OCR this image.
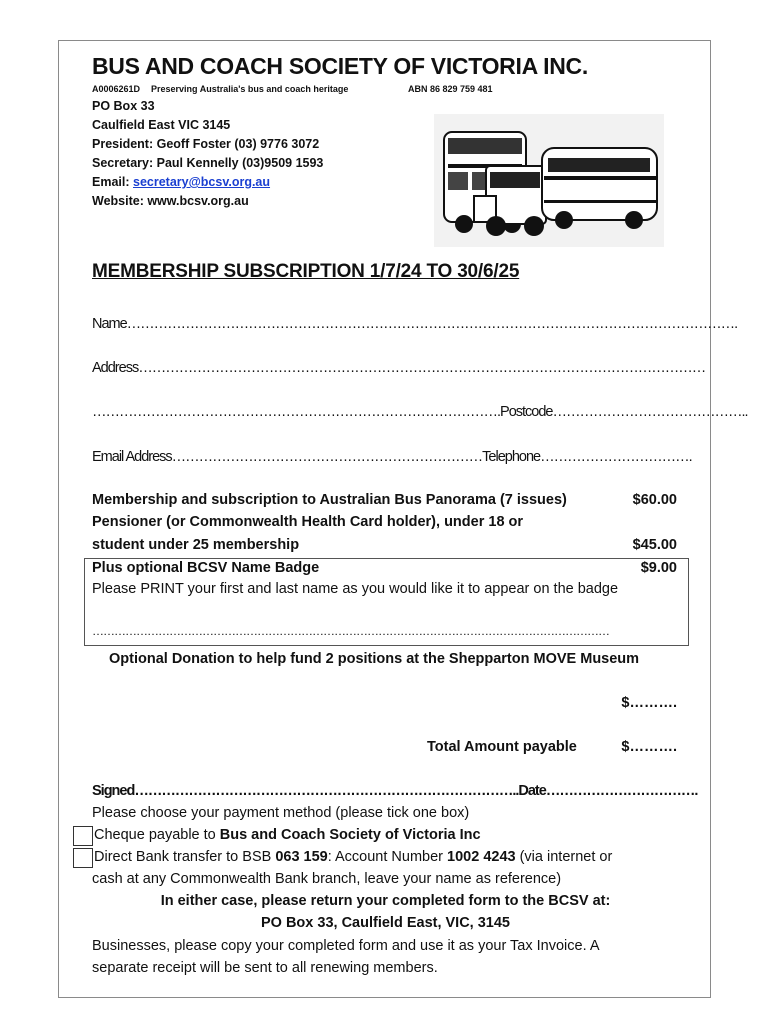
BUS AND COACH SOCIETY OF VICTORIA INC.
A0006261D Preserving Australia's bus and coach heritage	ABN 86 829 759 481
PO Box 33
Caulfield East VIC 3145
President: Geoff Foster (03) 9776 3072
Secretary: Paul Kennelly (03)9509 1593
Email: secretary@bcsv.org.au
Website: www.bcsv.org.au
MEMBERSHIP SUBSCRIPTION 1/7/24 TO 30/6/25
Name……………………………………………………………………………………………………………………….
Address………………………………………………………………………………………………………………
……………………………………………………………………………….Postcode……………………………………..
Email Address……………………………………………………………Telephone…………………………….
Membership and subscription to Australian Bus Panorama (7 issues)	$60.00
Pensioner (or Commonwealth Health Card holder), under 18 or
student under 25 membership	$45.00
Plus optional BCSV Name Badge	$9.00
Please PRINT your first and last name as you would like it to appear on the badge
……………………………………………………………………………………………………………………………
Optional Donation to help fund 2 positions at the Shepparton MOVE Museum
$……….
Total Amount payable	$……….
Signed…………………………………………………………………………..Date…………………………….
Please choose your payment method (please tick one box)
Cheque payable to Bus and Coach Society of Victoria Inc
Direct Bank transfer to BSB 063 159: Account Number 1002 4243 (via internet or
cash at any Commonwealth Bank branch, leave your name as reference)
In either case, please return your completed form to the BCSV at:
PO Box 33, Caulfield East, VIC, 3145
Businesses, please copy your completed form and use it as your Tax Invoice. A
separate receipt will be sent to all renewing members.
